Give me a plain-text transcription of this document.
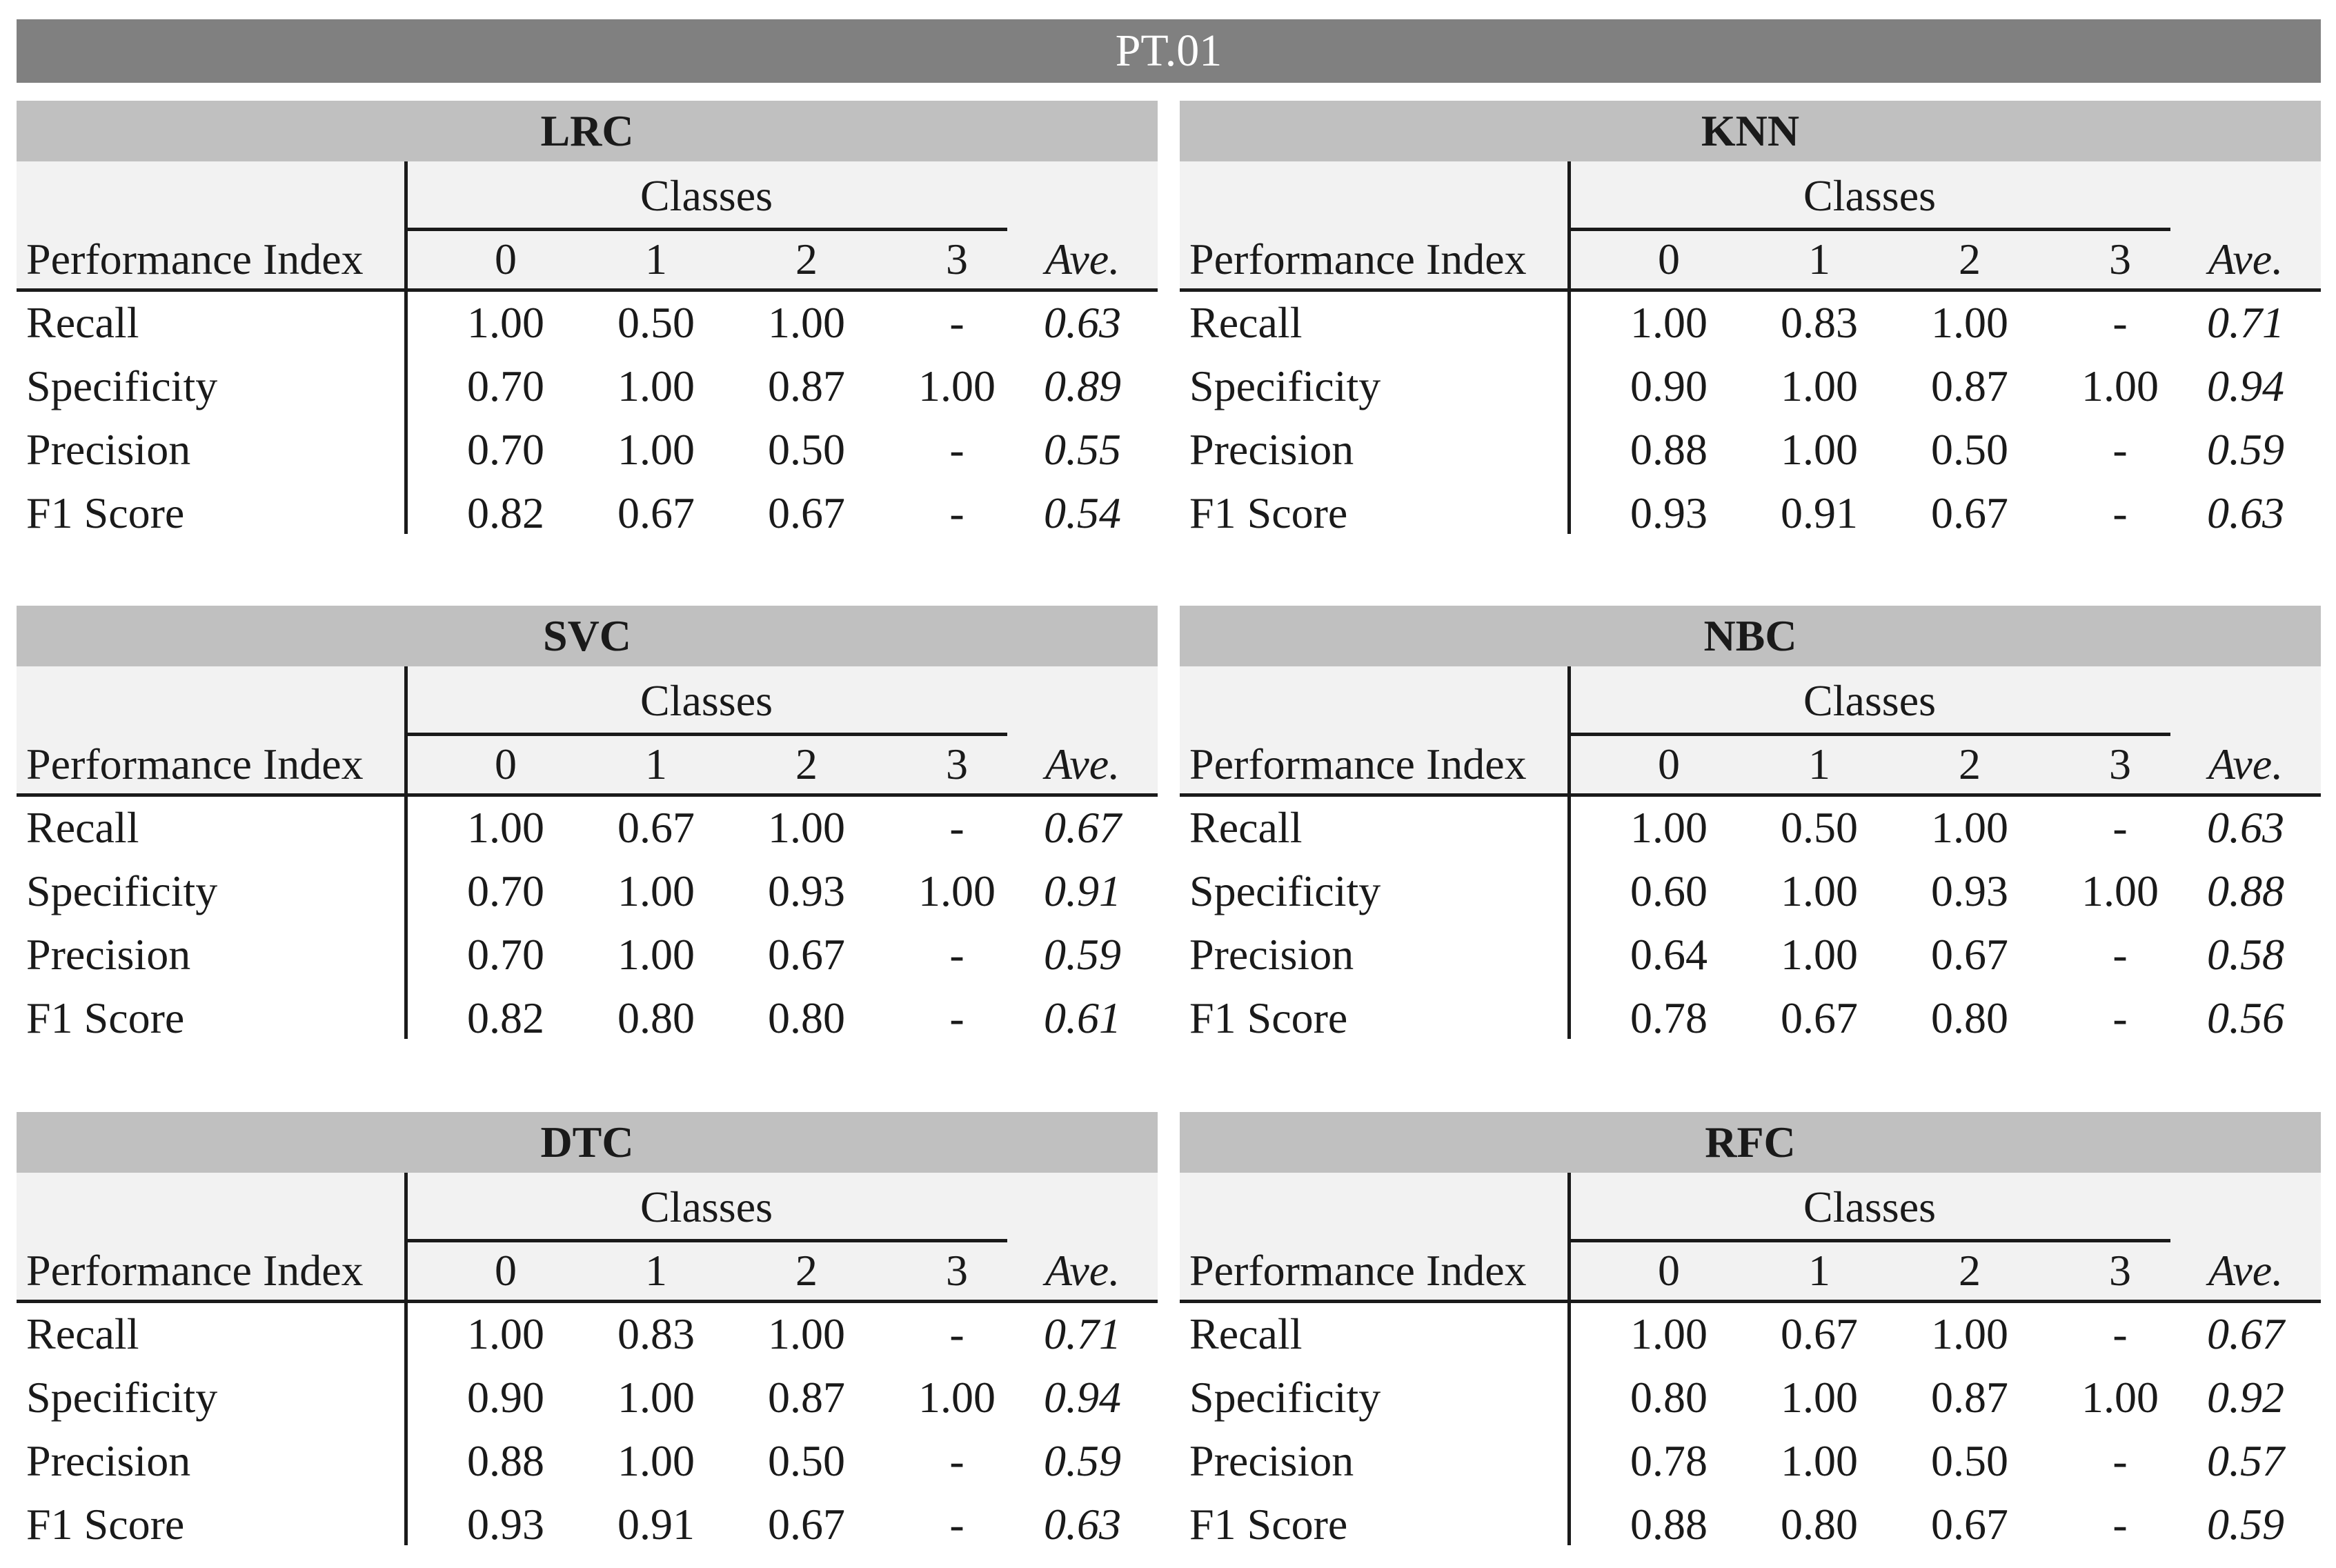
PT.01
LRC
Classes
Performance Index	0	1	2	3	Ave.
Recall	1.00	0.50	1.00	-	0.63
Specificity	0.70	1.00	0.87	1.00	0.89
Precision	0.70	1.00	0.50	-	0.55
F1 Score	0.82	0.67	0.67	-	0.54
KNN
Classes
Performance Index	0	1	2	3	Ave.
Recall	1.00	0.83	1.00	-	0.71
Specificity	0.90	1.00	0.87	1.00	0.94
Precision	0.88	1.00	0.50	-	0.59
F1 Score	0.93	0.91	0.67	-	0.63
SVC
Classes
Performance Index	0	1	2	3	Ave.
Recall	1.00	0.67	1.00	-	0.67
Specificity	0.70	1.00	0.93	1.00	0.91
Precision	0.70	1.00	0.67	-	0.59
F1 Score	0.82	0.80	0.80	-	0.61
NBC
Classes
Performance Index	0	1	2	3	Ave.
Recall	1.00	0.50	1.00	-	0.63
Specificity	0.60	1.00	0.93	1.00	0.88
Precision	0.64	1.00	0.67	-	0.58
F1 Score	0.78	0.67	0.80	-	0.56
DTC
Classes
Performance Index	0	1	2	3	Ave.
Recall	1.00	0.83	1.00	-	0.71
Specificity	0.90	1.00	0.87	1.00	0.94
Precision	0.88	1.00	0.50	-	0.59
F1 Score	0.93	0.91	0.67	-	0.63
RFC
Classes
Performance Index	0	1	2	3	Ave.
Recall	1.00	0.67	1.00	-	0.67
Specificity	0.80	1.00	0.87	1.00	0.92
Precision	0.78	1.00	0.50	-	0.57
F1 Score	0.88	0.80	0.67	-	0.59
